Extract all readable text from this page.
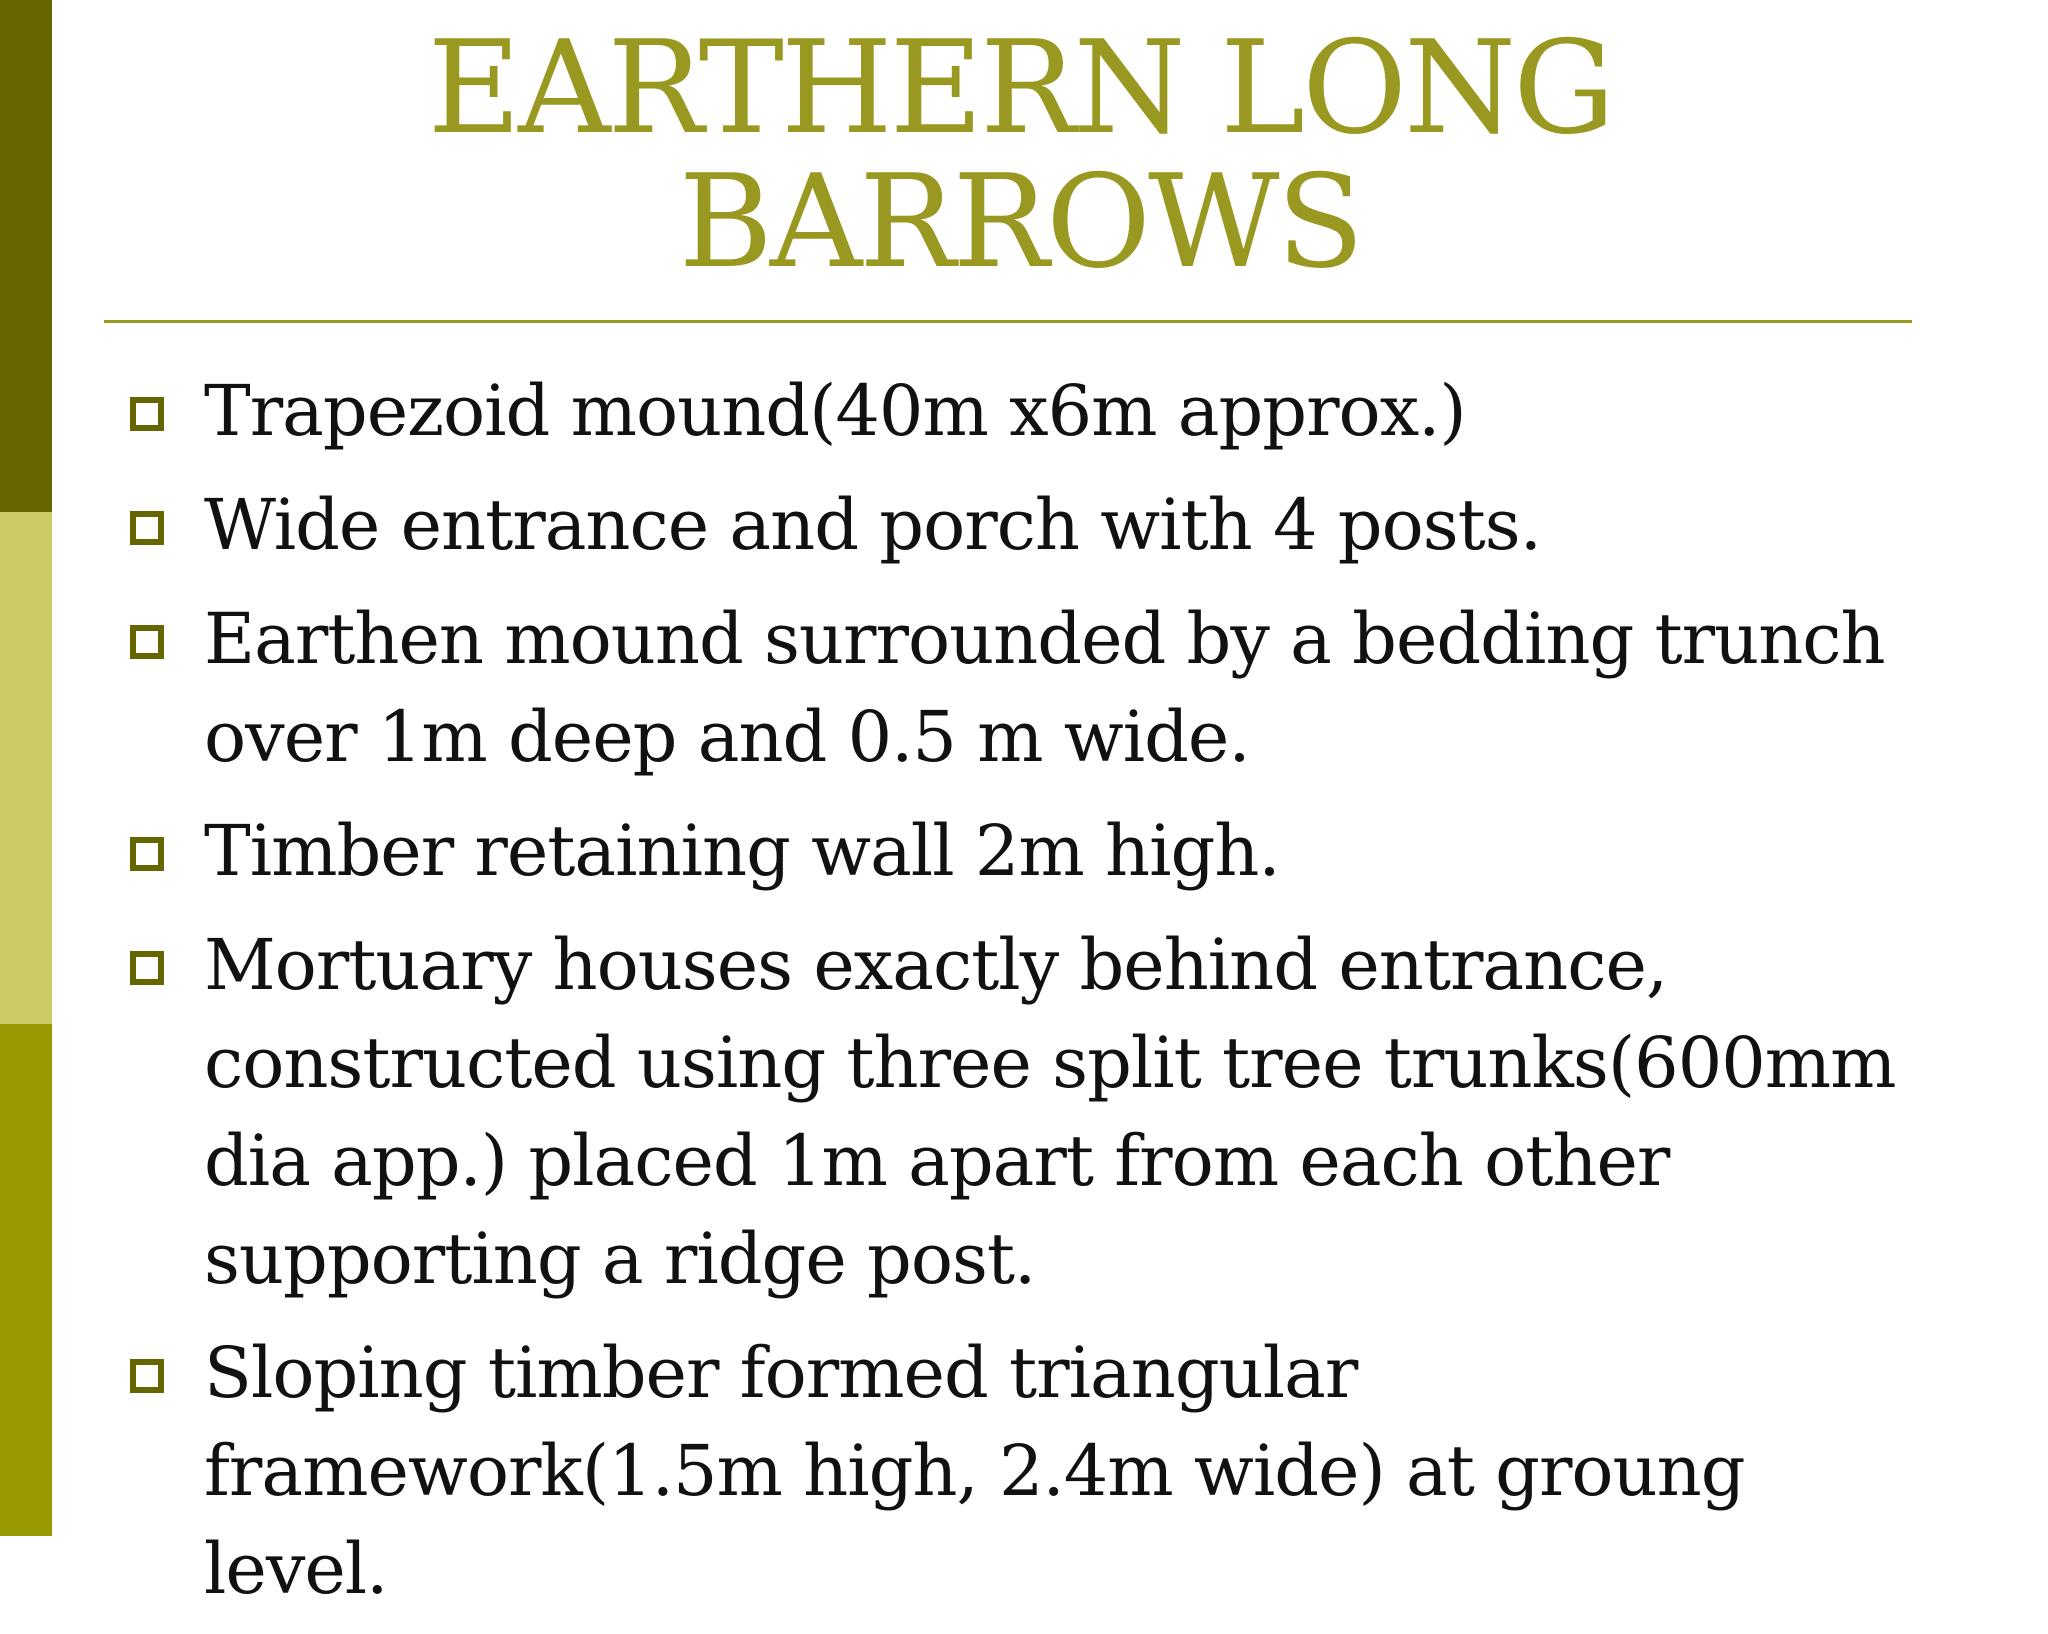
EARTHERN LONG
BARROWS
Trapezoid mound(40m x6m approx.)
Wide entrance and porch with 4 posts.
Earthen mound surrounded by a bedding trunch over 1m deep and 0.5 m wide.
Timber retaining wall 2m high.
Mortuary houses exactly behind entrance, constructed using three split tree trunks(600mm dia app.) placed 1m apart from each other supporting a ridge post.
Sloping timber formed triangular framework(1.5m high, 2.4m wide) at groung level.
